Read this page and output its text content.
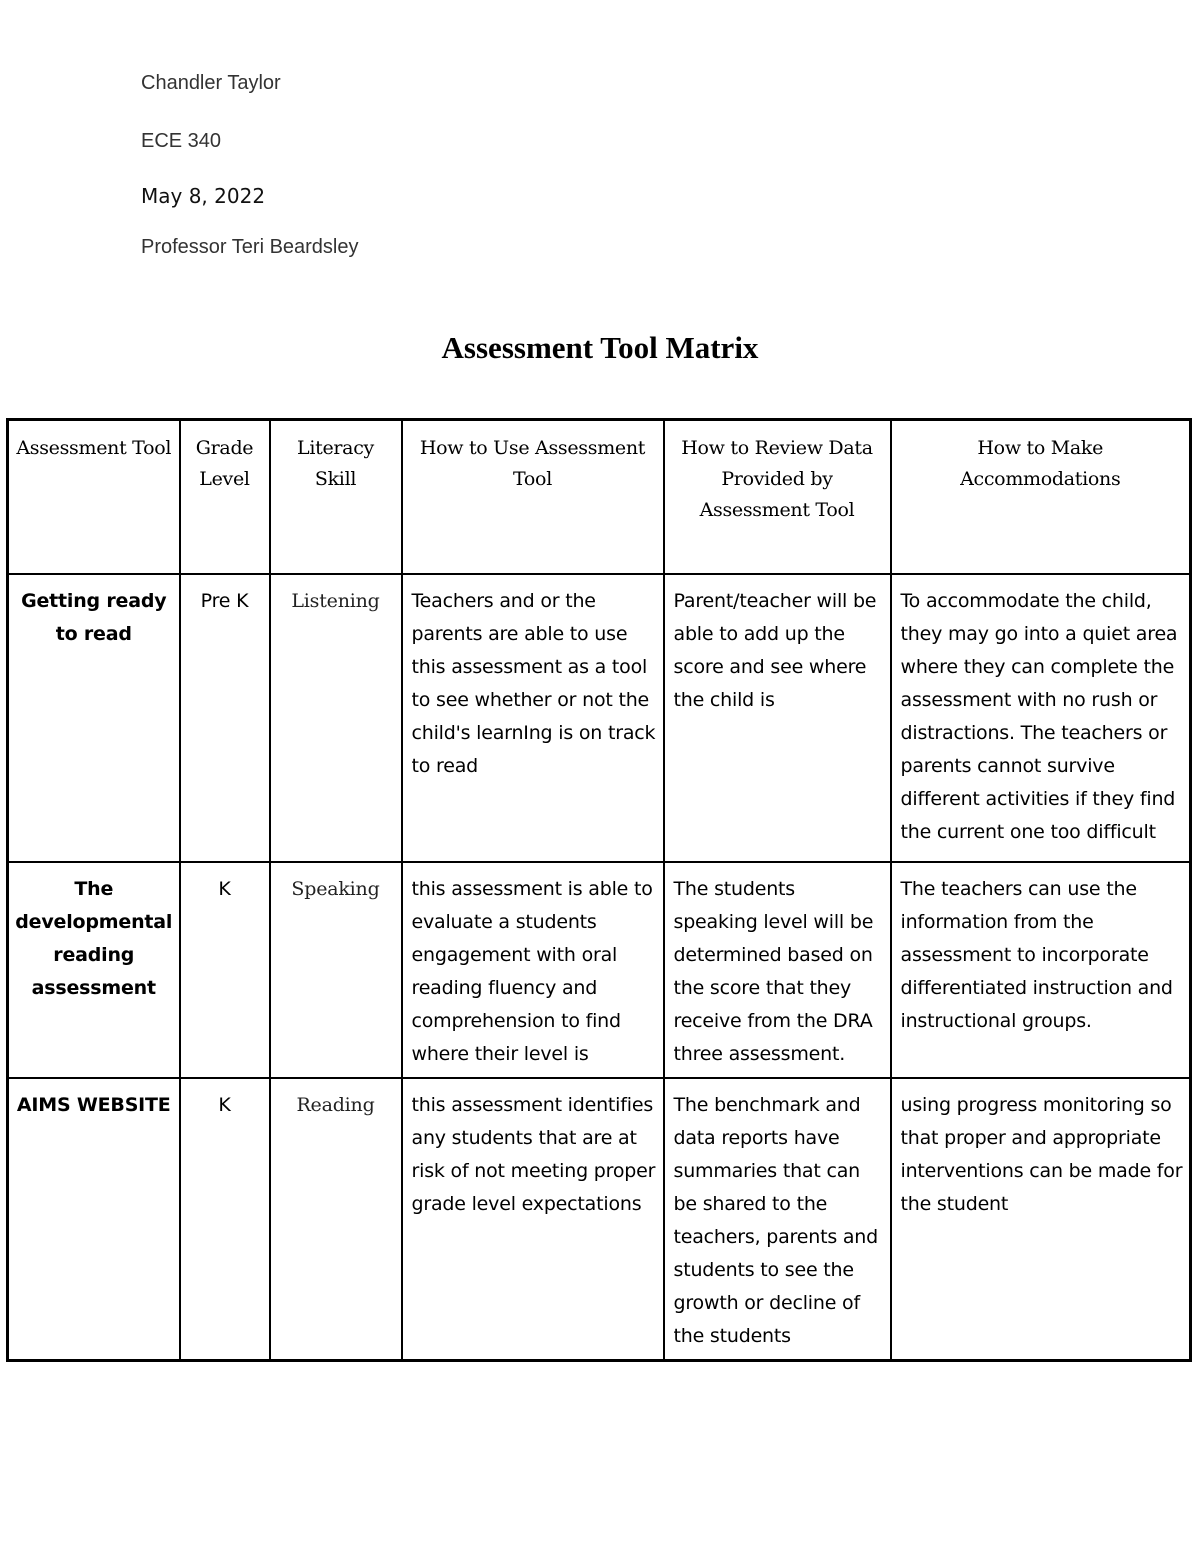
Chandler Taylor

ECE 340

May 8, 2022

Professor Teri Beardsley

Assessment Tool Matrix
Assessment Tool	Grade Level	Literacy Skill	How to Use Assessment Tool	How to Review Data Provided by Assessment Tool	How to Make Accommodations
Getting ready to read	Pre K	Listening	Teachers and or the parents are able to use this assessment as a tool to see whether or not the child's learnIng is on track to read	Parent/teacher will be able to add up the score and see where the child is	To accommodate the child, they may go into a quiet area where they can complete the assessment with no rush or distractions. The teachers or parents cannot survive different activities if they find the current one too difficult
The developmental reading assessment	K	Speaking	this assessment is able to evaluate a students engagement with oral reading fluency and comprehension to find where their level is	The students speaking level will be determined based on the score that they receive from the DRA three assessment.	The teachers can use the information from the assessment to incorporate differentiated instruction and instructional groups.
AIMS WEBSITE	K	Reading	this assessment identifies any students that are at risk of not meeting proper grade level expectations	The benchmark and data reports have summaries that can be shared to the teachers, parents and students to see the growth or decline of the students	using progress monitoring so that proper and appropriate interventions can be made for the student
